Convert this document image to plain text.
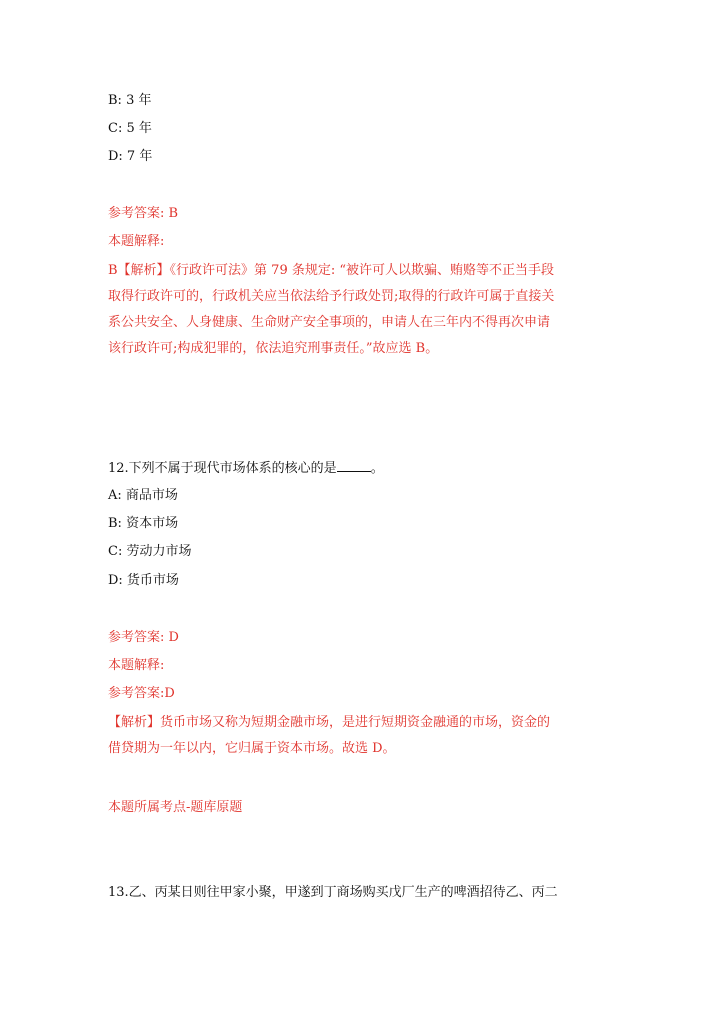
B: 3 年
C: 5 年
D: 7 年
参考答案: B
本题解释:
B【解析】《行政许可法》第 79 条规定: “被许可人以欺骗、贿赂等不正当手段
取得行政许可的，行政机关应当依法给予行政处罚;取得的行政许可属于直接关
系公共安全、人身健康、生命财产安全事项的，申请人在三年内不得再次申请
该行政许可;构成犯罪的，依法追究刑事责任。”故应选 B。
12.下列不属于现代市场体系的核心的是	。
A: 商品市场
B: 资本市场
C: 劳动力市场
D: 货币市场
参考答案: D
本题解释:
参考答案:D
【解析】货币市场又称为短期金融市场，是进行短期资金融通的市场，资金的
借贷期为一年以内，它归属于资本市场。故选 D。
本题所属考点-题库原题
13.乙、丙某日则往甲家小聚，甲遂到丁商场购买戊厂生产的啤酒招待乙、丙二
